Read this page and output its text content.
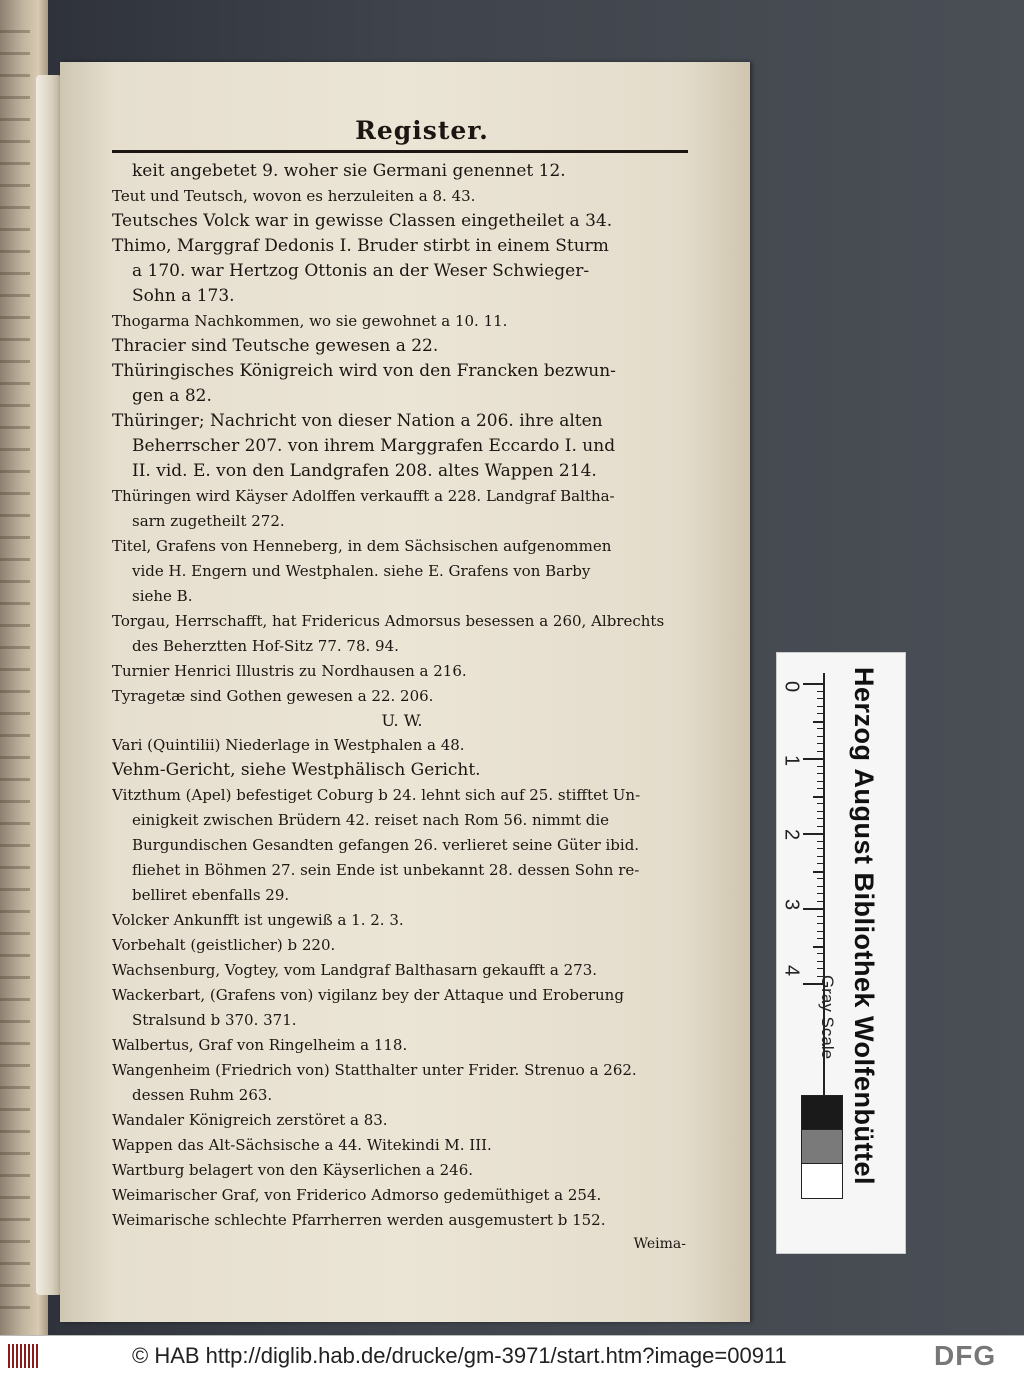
Register.
keit angebetet 9. woher sie Germani genennet 12.
Teut und Teutsch, wovon es herzuleiten a 8. 43.
Teutsches Volck war in gewisse Classen eingetheilet a 34.
Thimo, Marggraf Dedonis I. Bruder stirbt in einem Sturm
a 170. war Hertzog Ottonis an der Weser Schwieger-
Sohn a 173.
Thogarma Nachkommen, wo sie gewohnet a 10. 11.
Thracier sind Teutsche gewesen a 22.
Thüringisches Königreich wird von den Francken bezwun-
gen a 82.
Thüringer; Nachricht von dieser Nation a 206. ihre alten
Beherrscher 207. von ihrem Marggrafen Eccardo I. und
II. vid. E. von den Landgrafen 208. altes Wappen 214.
Thüringen wird Käyser Adolffen verkaufft a 228. Landgraf Baltha-
sarn zugetheilt 272.
Titel, Grafens von Henneberg, in dem Sächsischen aufgenommen
vide H. Engern und Westphalen. siehe E. Grafens von Barby
siehe B.
Torgau, Herrschafft, hat Fridericus Admorsus besessen a 260, Albrechts
des Beherztten Hof-Sitz 77. 78. 94.
Turnier Henrici Illustris zu Nordhausen a 216.
Tyragetæ sind Gothen gewesen a 22. 206.
U. W.
Vari (Quintilii) Niederlage in Westphalen a 48.
Vehm-Gericht, siehe Westphälisch Gericht.
Vitzthum (Apel) befestiget Coburg b 24. lehnt sich auf 25. stifftet Un-
einigkeit zwischen Brüdern 42. reiset nach Rom 56. nimmt die
Burgundischen Gesandten gefangen 26. verlieret seine Güter ibid.
fliehet in Böhmen 27. sein Ende ist unbekannt 28. dessen Sohn re-
belliret ebenfalls 29.
Volcker Ankunfft ist ungewiß a 1. 2. 3.
Vorbehalt (geistlicher) b 220.
Wachsenburg, Vogtey, vom Landgraf Balthasarn gekaufft a 273.
Wackerbart, (Grafens von) vigilanz bey der Attaque und Eroberung
Stralsund b 370. 371.
Walbertus, Graf von Ringelheim a 118.
Wangenheim (Friedrich von) Statthalter unter Frider. Strenuo a 262.
dessen Ruhm 263.
Wandaler Königreich zerstöret a 83.
Wappen das Alt-Sächsische a 44. Witekindi M. III.
Wartburg belagert von den Käyserlichen a 246.
Weimarischer Graf, von Friderico Admorso gedemüthiget a 254.
Weimarische schlechte Pfarrherren werden ausgemustert b 152.
Weima-
0
1
2
3
4
Gray Scale Herzog August Bibliothek Wolfenbüttel
© HAB http://diglib.hab.de/drucke/gm-3971/start.htm?image=00911	DFG
